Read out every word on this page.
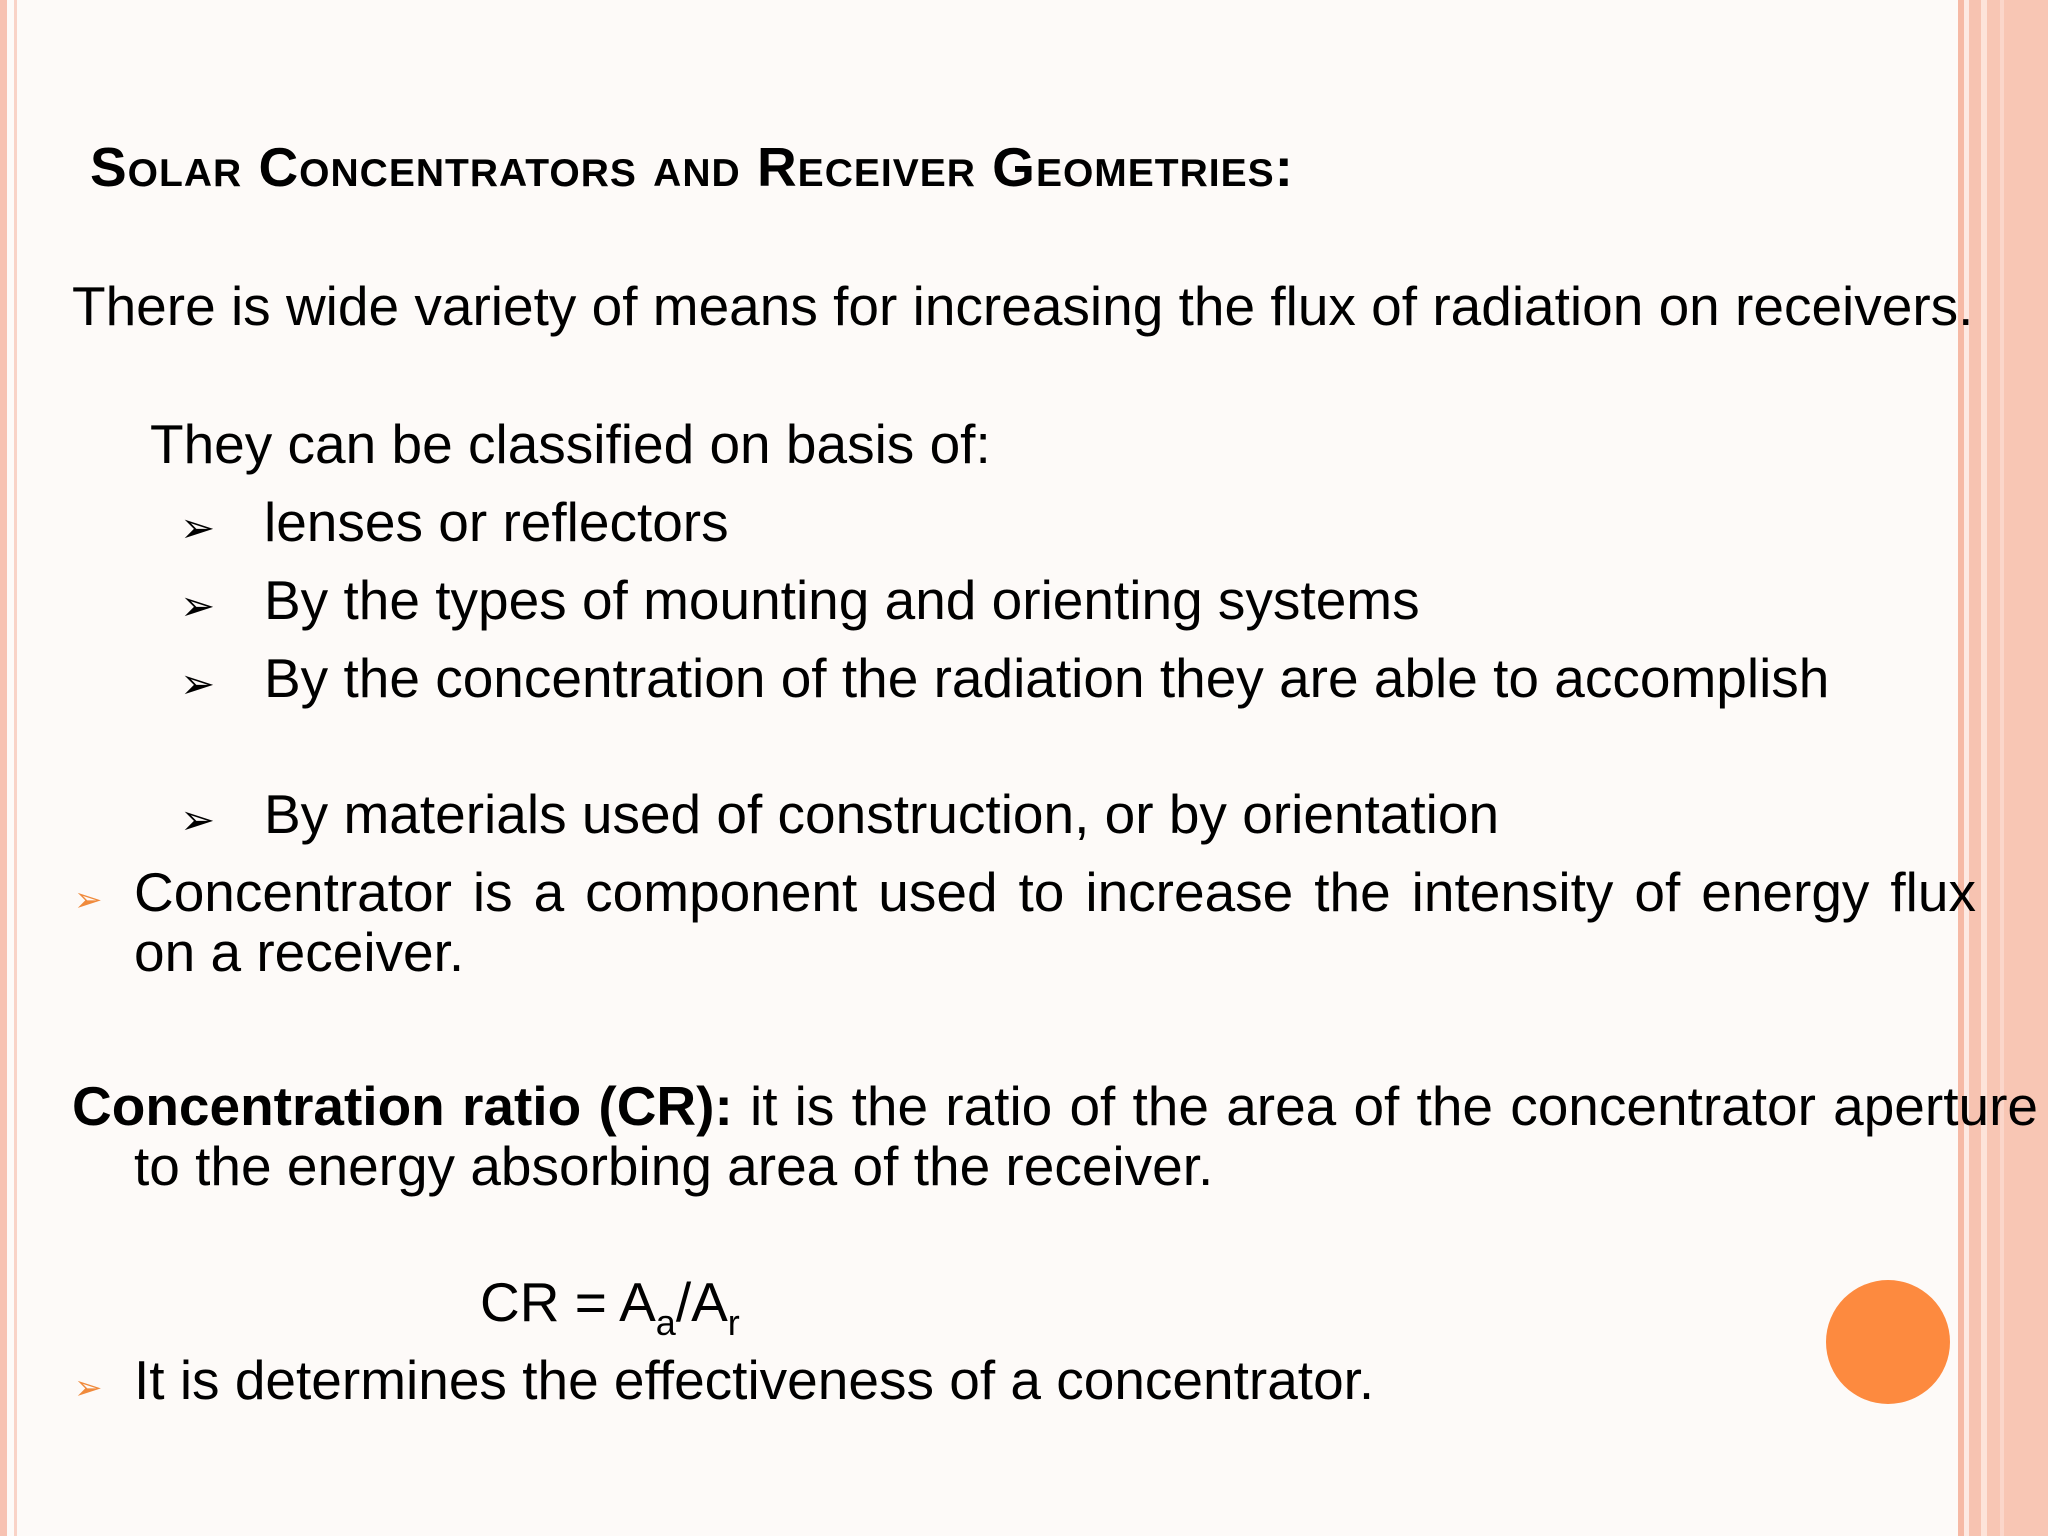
Solar Concentrators and Receiver Geometries:
There is wide variety of means for increasing the flux of radiation on receivers.
They can be classified on basis of:
➢ lenses or reflectors
➢ By the types of mounting and orienting systems
➢ By the concentration of the radiation they are able to accomplish
➢ By materials used of construction, or by orientation
➢ Concentrator is a component used to increase the intensity of energy flux on a receiver.
Concentration ratio (CR): it is the ratio of the area of the concentrator aperture to the energy absorbing area of the receiver.
CR = $A_a/A_r$
➢ It is determines the effectiveness of a concentrator.
